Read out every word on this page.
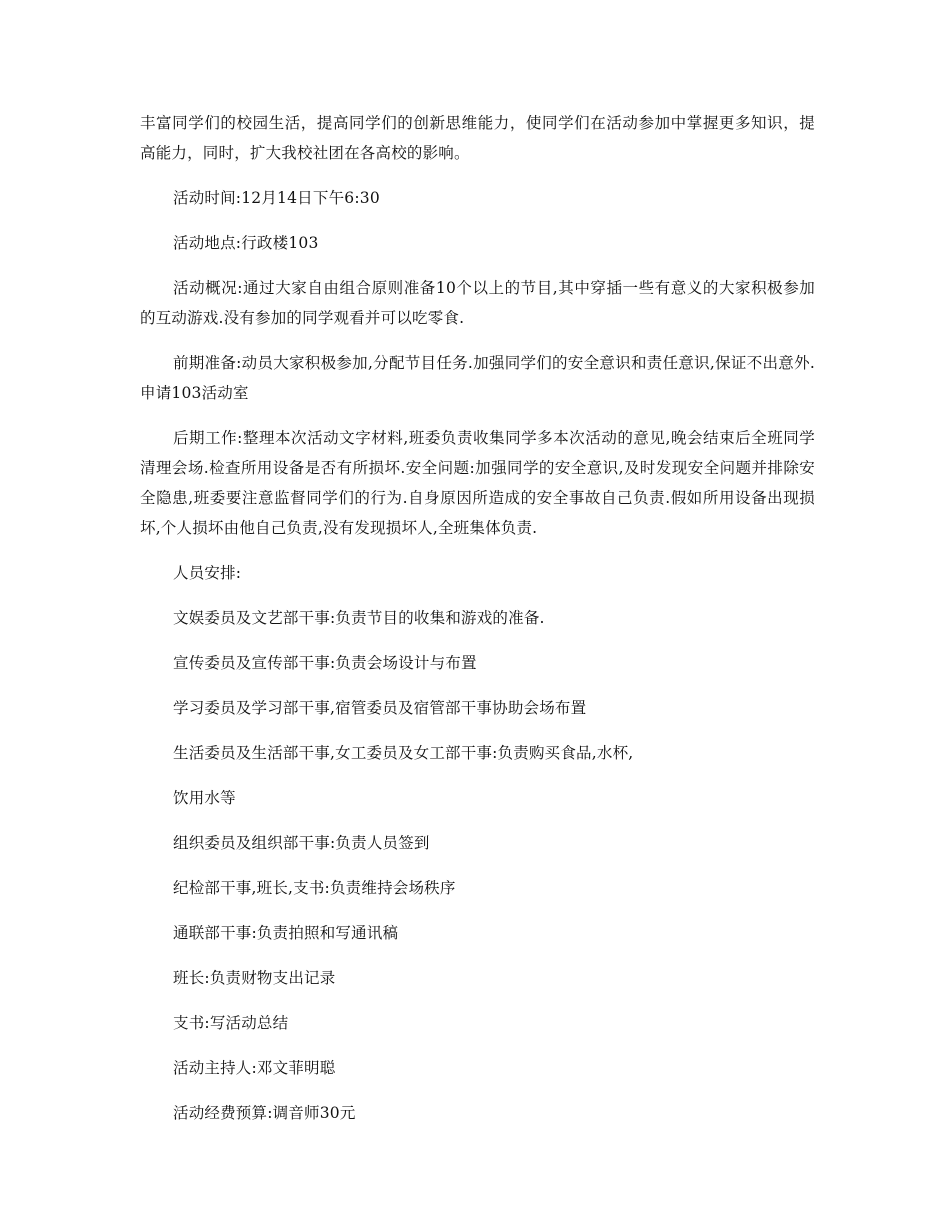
丰富同学们的校园生活，提高同学们的创新思维能力，使同学们在活动参加中掌握更多知识，提高能力，同时，扩大我校社团在各高校的影响。

活动时间:12月14日下午6:30

活动地点:行政楼103

活动概况:通过大家自由组合原则准备10个以上的节目,其中穿插一些有意义的大家积极参加的互动游戏.没有参加的同学观看并可以吃零食.

前期准备:动员大家积极参加,分配节目任务.加强同学们的安全意识和责任意识,保证不出意外.申请103活动室

后期工作:整理本次活动文字材料,班委负责收集同学多本次活动的意见,晚会结束后全班同学清理会场.检查所用设备是否有所损坏.安全问题:加强同学的安全意识,及时发现安全问题并排除安全隐患,班委要注意监督同学们的行为.自身原因所造成的安全事故自己负责.假如所用设备出现损坏,个人损坏由他自己负责,没有发现损坏人,全班集体负责.

人员安排:

文娱委员及文艺部干事:负责节目的收集和游戏的准备.

宣传委员及宣传部干事:负责会场设计与布置

学习委员及学习部干事,宿管委员及宿管部干事协助会场布置

生活委员及生活部干事,女工委员及女工部干事:负责购买食品,水杯,

饮用水等

组织委员及组织部干事:负责人员签到

纪检部干事,班长,支书:负责维持会场秩序

通联部干事:负责拍照和写通讯稿

班长:负责财物支出记录

支书:写活动总结

活动主持人:邓文菲明聪

活动经费预算:调音师30元
